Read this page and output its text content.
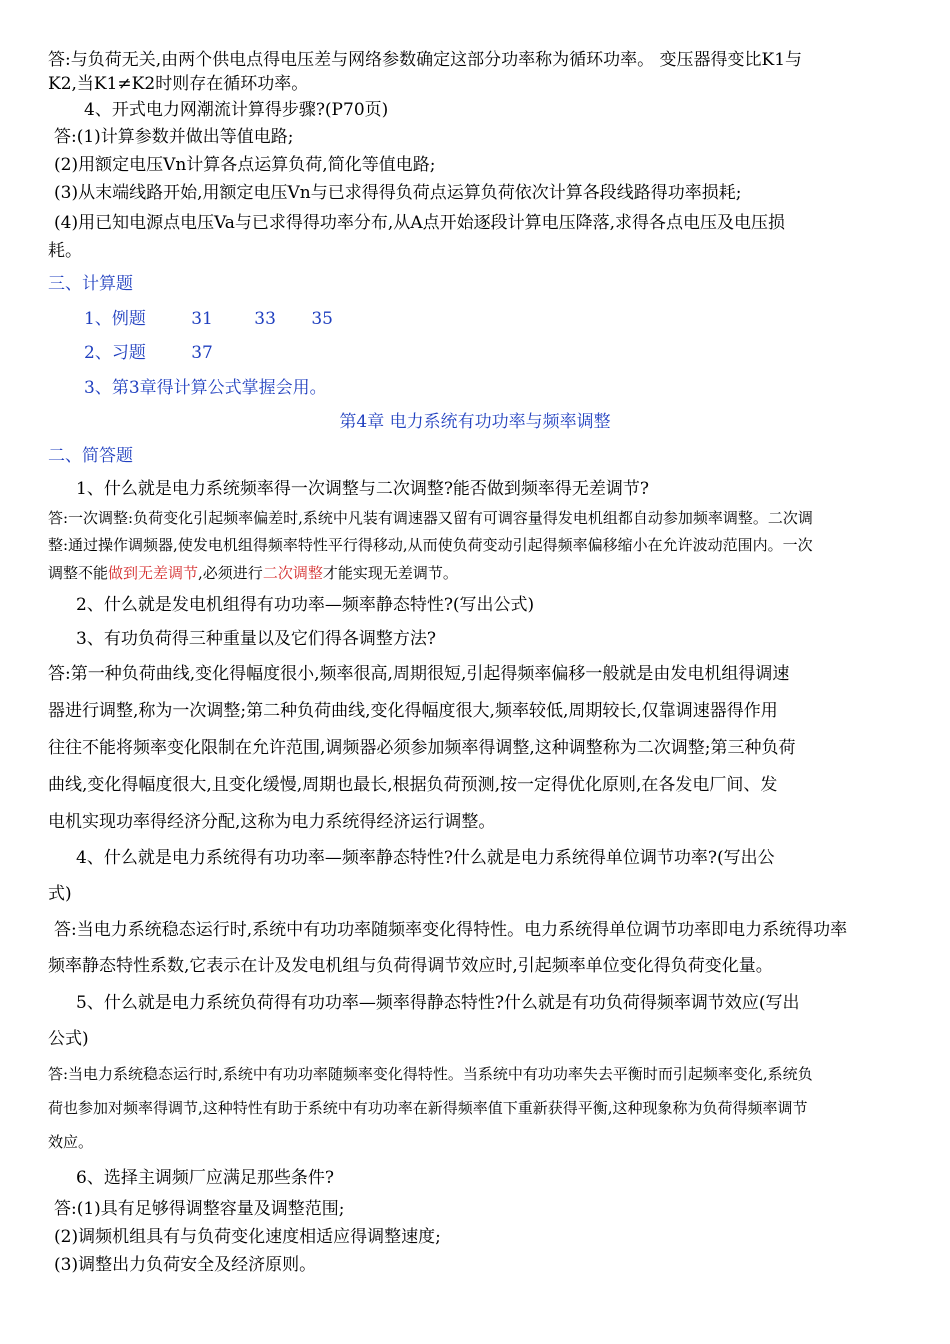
答:与负荷无关,由两个供电点得电压差与网络参数确定这部分功率称为循环功率。 变压器得变比K1与
K2,当K1≠K2时则存在循环功率。
4、开式电力网潮流计算得步骤?(P70页)
答:(1)计算参数并做出等值电路;
(2)用额定电压Vn计算各点运算负荷,简化等值电路;
(3)从末端线路开始,用额定电压Vn与已求得得负荷点运算负荷依次计算各段线路得功率损耗;
(4)用已知电源点电压Va与已求得得功率分布,从A点开始逐段计算电压降落,求得各点电压及电压损
耗。
三、计算题
1、例题	31 33 35
2、习题	37
3、第3章得计算公式掌握会用。
第4章 电力系统有功功率与频率调整
二、简答题
1、什么就是电力系统频率得一次调整与二次调整?能否做到频率得无差调节?
答:一次调整:负荷变化引起频率偏差时,系统中凡装有调速器又留有可调容量得发电机组都自动参加频率调整。二次调
整:通过操作调频器,使发电机组得频率特性平行得移动,从而使负荷变动引起得频率偏移缩小在允许波动范围内。一次
调整不能做到无差调节,必须进行二次调整才能实现无差调节。
2、什么就是发电机组得有功功率—频率静态特性?(写出公式)
3、有功负荷得三种重量以及它们得各调整方法?
答:第一种负荷曲线,变化得幅度很小,频率很高,周期很短,引起得频率偏移一般就是由发电机组得调速
器进行调整,称为一次调整;第二种负荷曲线,变化得幅度很大,频率较低,周期较长,仅靠调速器得作用
往往不能将频率变化限制在允许范围,调频器必须参加频率得调整,这种调整称为二次调整;第三种负荷
曲线,变化得幅度很大,且变化缓慢,周期也最长,根据负荷预测,按一定得优化原则,在各发电厂间、发
电机实现功率得经济分配,这称为电力系统得经济运行调整。
4、什么就是电力系统得有功功率—频率静态特性?什么就是电力系统得单位调节功率?(写出公
式)
答:当电力系统稳态运行时,系统中有功功率随频率变化得特性。电力系统得单位调节功率即电力系统得功率
频率静态特性系数,它表示在计及发电机组与负荷得调节效应时,引起频率单位变化得负荷变化量。
5、什么就是电力系统负荷得有功功率—频率得静态特性?什么就是有功负荷得频率调节效应(写出
公式)
答:当电力系统稳态运行时,系统中有功功率随频率变化得特性。当系统中有功功率失去平衡时而引起频率变化,系统负
荷也参加对频率得调节,这种特性有助于系统中有功功率在新得频率值下重新获得平衡,这种现象称为负荷得频率调节
效应。
6、选择主调频厂应满足那些条件?
答:(1)具有足够得调整容量及调整范围;
(2)调频机组具有与负荷变化速度相适应得调整速度;
(3)调整出力负荷安全及经济原则。
